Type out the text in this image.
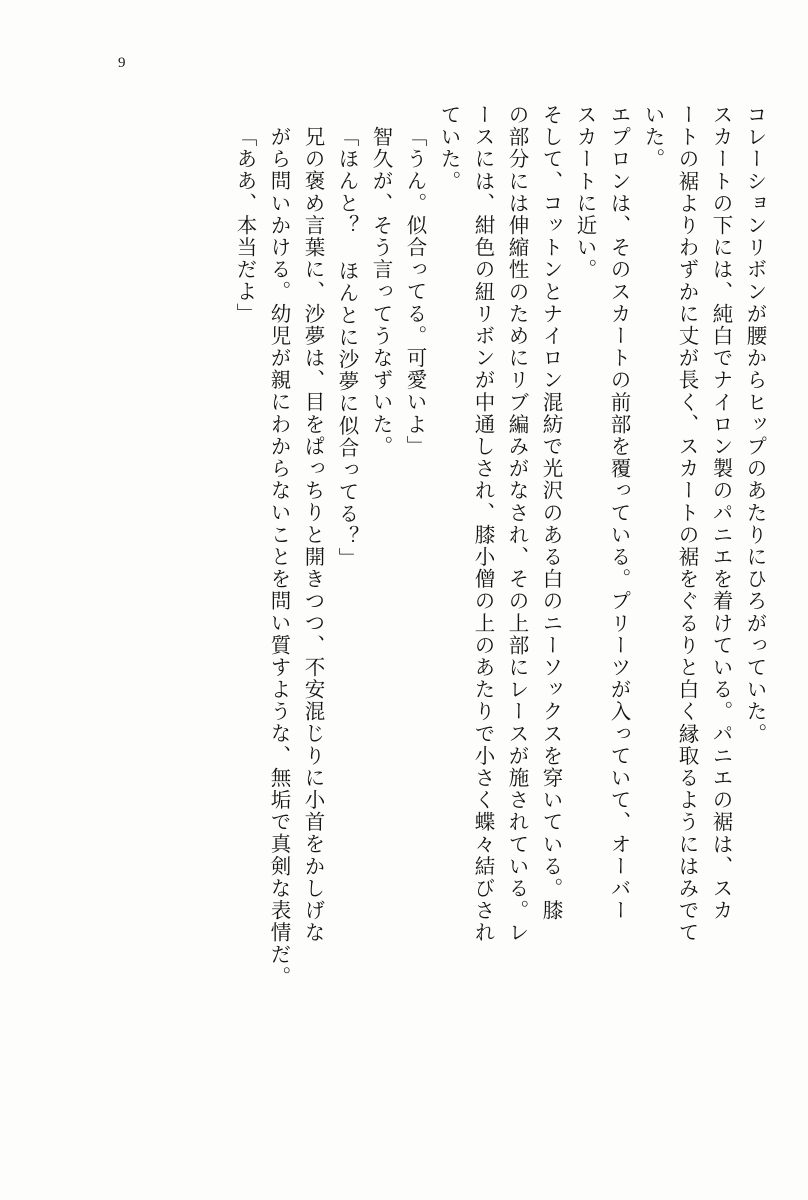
9
コレーションリボンが腰からヒップのあたりにひろがっていた。
スカートの下には、純白でナイロン製のパニエを着けている。パニエの裾は、スカ
ートの裾よりわずかに丈が長く、スカートの裾をぐるりと白く縁取るようにはみでて
いた。
エプロンは、そのスカートの前部を覆っている。プリーツが入っていて、オーバー
スカートに近い。
そして、コットンとナイロン混紡で光沢のある白のニーソックスを穿いている。膝
の部分には伸縮性のためにリブ編みがなされ、その上部にレースが施されている。レ
ースには、紺色の紐リボンが中通しされ、膝小僧の上のあたりで小さく蝶々結びされ
ていた。
「うん。似合ってる。可愛いよ」
智久が、そう言ってうなずいた。
「ほんと？ ほんとに沙夢に似合ってる？」
兄の褒め言葉に、沙夢は、目をぱっちりと開きつつ、不安混じりに小首をかしげな
がら問いかける。幼児が親にわからないことを問い質すような、無垢で真剣な表情だ。
「ああ、本当だよ」
